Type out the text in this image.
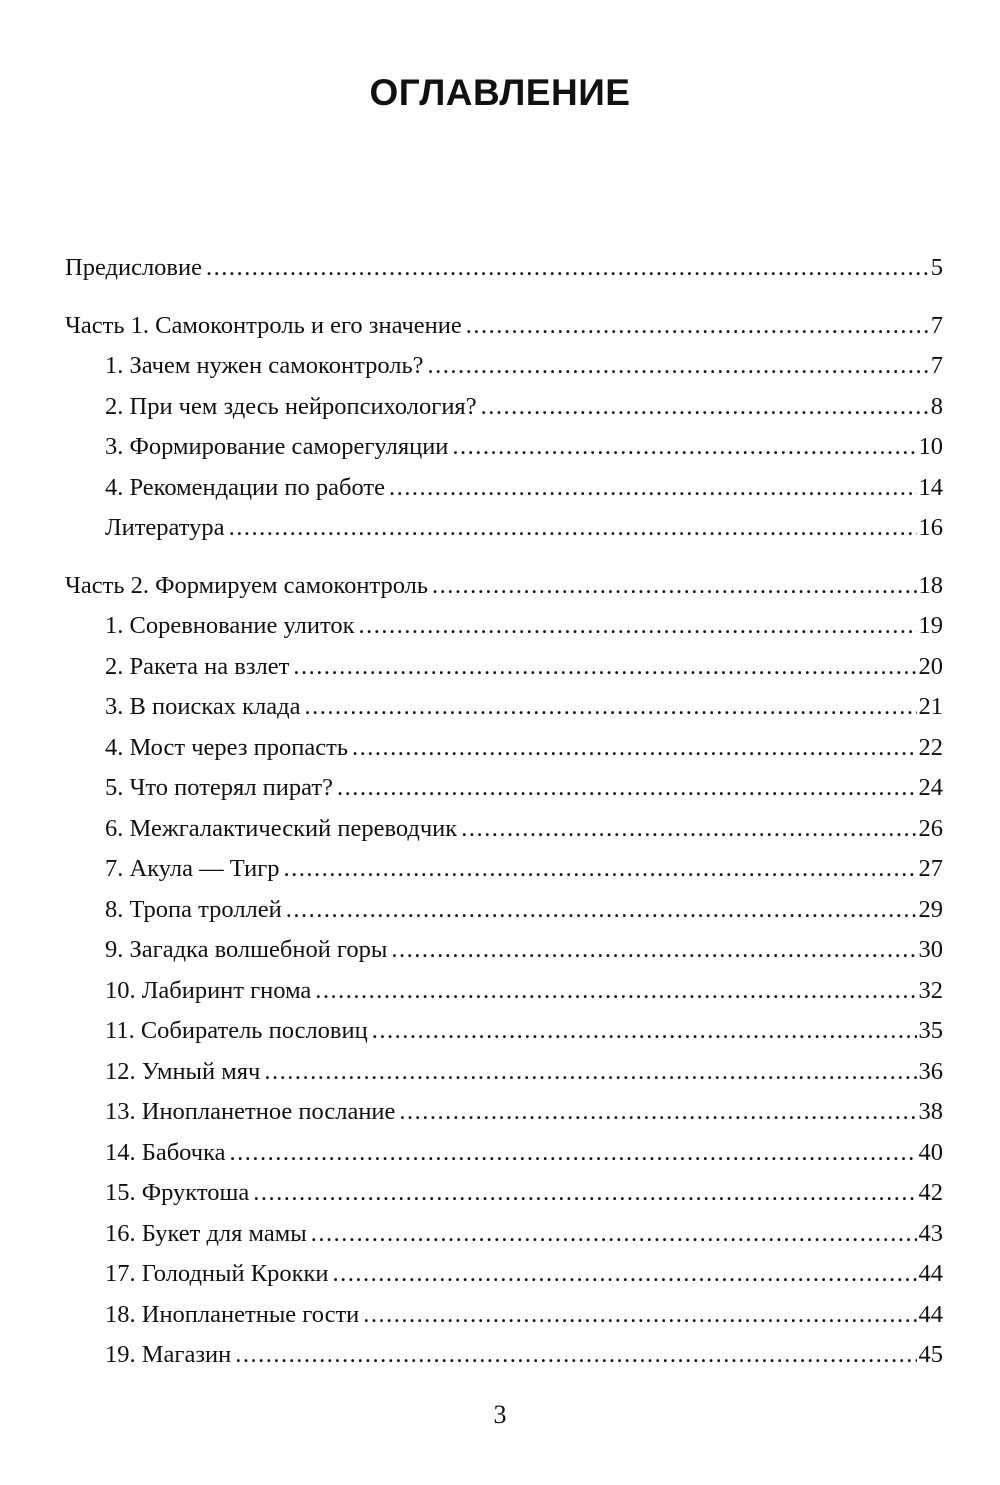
ОГЛАВЛЕНИЕ
Предисловие .....	5
Часть 1. Самоконтроль и его значение .....	7
1. Зачем нужен самоконтроль? .....	7
2. При чем здесь нейропсихология? .....	8
3. Формирование саморегуляции .....	10
4. Рекомендации по работе .....	14
Литература .....	16
Часть 2. Формируем самоконтроль .....	18
1. Соревнование улиток .....	19
2. Ракета на взлет .....	20
3. В поисках клада .....	21
4. Мост через пропасть .....	22
5. Что потерял пират? .....	24
6. Межгалактический переводчик .....	26
7. Акула — Тигр .....	27
8. Тропа троллей .....	29
9. Загадка волшебной горы .....	30
10. Лабиринт гнома .....	32
11. Собиратель пословиц .....	35
12. Умный мяч .....	36
13. Инопланетное послание .....	38
14. Бабочка .....	40
15. Фруктоша .....	42
16. Букет для мамы .....	43
17. Голодный Крокки .....	44
18. Инопланетные гости .....	44
19. Магазин .....	45
3
